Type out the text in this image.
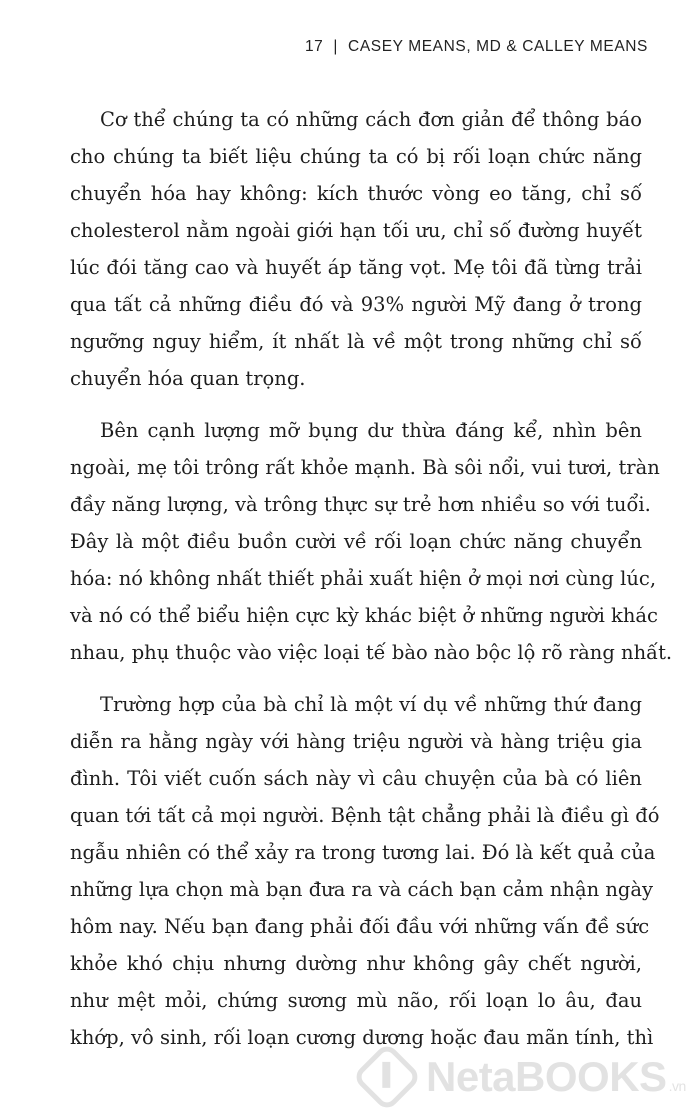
17 | CASEY MEANS, MD & CALLEY MEANS
Cơ thể chúng ta có những cách đơn giản để thông báo
cho chúng ta biết liệu chúng ta có bị rối loạn chức năng
chuyển hóa hay không: kích thước vòng eo tăng, chỉ số
cholesterol nằm ngoài giới hạn tối ưu, chỉ số đường huyết
lúc đói tăng cao và huyết áp tăng vọt. Mẹ tôi đã từng trải
qua tất cả những điều đó và 93% người Mỹ đang ở trong
ngưỡng nguy hiểm, ít nhất là về một trong những chỉ số
chuyển hóa quan trọng.
Bên cạnh lượng mỡ bụng dư thừa đáng kể, nhìn bên
ngoài, mẹ tôi trông rất khỏe mạnh. Bà sôi nổi, vui tươi, tràn
đầy năng lượng, và trông thực sự trẻ hơn nhiều so với tuổi.
Đây là một điều buồn cười về rối loạn chức năng chuyển
hóa: nó không nhất thiết phải xuất hiện ở mọi nơi cùng lúc,
và nó có thể biểu hiện cực kỳ khác biệt ở những người khác
nhau, phụ thuộc vào việc loại tế bào nào bộc lộ rõ ràng nhất.
Trường hợp của bà chỉ là một ví dụ về những thứ đang
diễn ra hằng ngày với hàng triệu người và hàng triệu gia
đình. Tôi viết cuốn sách này vì câu chuyện của bà có liên
quan tới tất cả mọi người. Bệnh tật chẳng phải là điều gì đó
ngẫu nhiên có thể xảy ra trong tương lai. Đó là kết quả của
những lựa chọn mà bạn đưa ra và cách bạn cảm nhận ngày
hôm nay. Nếu bạn đang phải đối đầu với những vấn đề sức
khỏe khó chịu nhưng dường như không gây chết người,
như mệt mỏi, chứng sương mù não, rối loạn lo âu, đau
khớp, vô sinh, rối loạn cương dương hoặc đau mãn tính, thì
NetaBOOKS .vn
